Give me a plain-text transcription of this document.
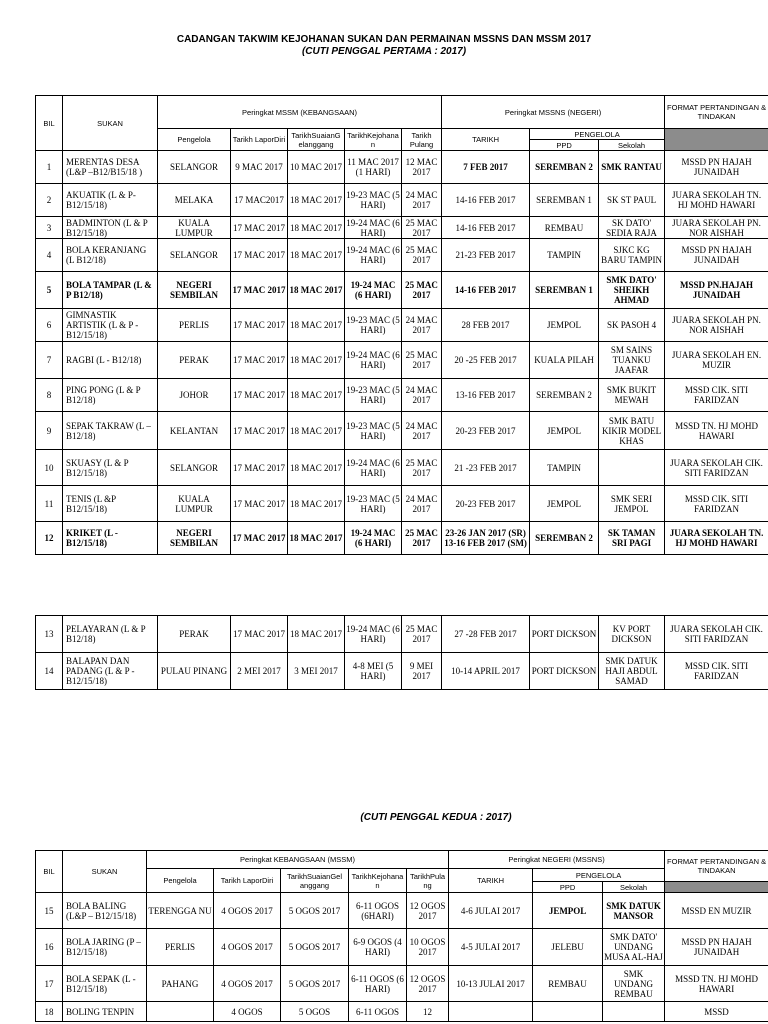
CADANGAN TAKWIM KEJOHANAN SUKAN DAN PERMAINAN MSSNS DAN MSSM 2017
(CUTI PENGGAL PERTAMA : 2017)
BIL	SUKAN	Peringkat MSSM (KEBANGSAAN)					Peringkat MSSNS (NEGERI)			FORMAT PERTANDINGAN & TINDAKAN
		Pengelola	Tarikh LaporDiri	TarikhSuaianG elanggang	TarikhKejohana n	Tarikh Pulang	TARIKH	PENGELOLA		
								PPD	Sekolah	
1	MERENTAS DESA (L&P –B12/B15/18 )	SELANGOR	9 MAC 2017	10 MAC 2017	11 MAC 2017 (1 HARI)	12 MAC 2017	7 FEB 2017	SEREMBAN 2	SMK RANTAU	MSSD PN HAJAH JUNAIDAH
2	AKUATIK (L & P- B12/15/18)	MELAKA	17 MAC2017	18 MAC 2017	19-23 MAC (5 HARI)	24 MAC 2017	14-16 FEB 2017	SEREMBAN 1	SK ST PAUL	JUARA SEKOLAH TN. HJ MOHD HAWARI
3	BADMINTON (L & P B12/15/18)	KUALA LUMPUR	17 MAC 2017	18 MAC 2017	19-24 MAC (6 HARI)	25 MAC 2017	14-16 FEB 2017	REMBAU	SK DATO' SEDIA RAJA	JUARA SEKOLAH PN. NOR AISHAH
4	BOLA KERANJANG (L B12/18)	SELANGOR	17 MAC 2017	18 MAC 2017	19-24 MAC (6 HARI)	25 MAC 2017	21-23 FEB 2017	TAMPIN	SJKC KG BARU TAMPIN	MSSD PN HAJAH JUNAIDAH
5	BOLA TAMPAR (L & P B12/18)	NEGERI SEMBILAN	17 MAC 2017	18 MAC 2017	19-24 MAC (6 HARI)	25 MAC 2017	14-16 FEB 2017	SEREMBAN 1	SMK DATO' SHEIKH AHMAD	MSSD PN.HAJAH JUNAIDAH
6	GIMNASTIK ARTISTIK (L & P - B12/15/18)	PERLIS	17 MAC 2017	18 MAC 2017	19-23 MAC (5 HARI)	24 MAC 2017	28 FEB 2017	JEMPOL	SK PASOH 4	JUARA SEKOLAH PN. NOR AISHAH
7	RAGBI (L - B12/18)	PERAK	17 MAC 2017	18 MAC 2017	19-24 MAC (6 HARI)	25 MAC 2017	20 -25 FEB 2017	KUALA PILAH	SM SAINS TUANKU JAAFAR	JUARA SEKOLAH EN. MUZIR
8	PING PONG (L & P B12/18)	JOHOR	17 MAC 2017	18 MAC 2017	19-23 MAC (5 HARI)	24 MAC 2017	13-16 FEB 2017	SEREMBAN 2	SMK BUKIT MEWAH	MSSD CIK. SITI FARIDZAN
9	SEPAK TAKRAW (L – B12/18)	KELANTAN	17 MAC 2017	18 MAC 2017	19-23 MAC (5 HARI)	24 MAC 2017	20-23 FEB 2017	JEMPOL	SMK BATU KIKIR MODEL KHAS	MSSD TN. HJ MOHD HAWARI
10	SKUASY (L & P B12/15/18)	SELANGOR	17 MAC 2017	18 MAC 2017	19-24 MAC (6 HARI)	25 MAC 2017	21 -23 FEB 2017	TAMPIN		JUARA SEKOLAH CIK. SITI FARIDZAN
11	TENIS (L &P B12/15/18)	KUALA LUMPUR	17 MAC 2017	18 MAC 2017	19-23 MAC (5 HARI)	24 MAC 2017	20-23 FEB 2017	JEMPOL	SMK SERI JEMPOL	MSSD CIK. SITI FARIDZAN
12	KRIKET (L - B12/15/18)	NEGERI SEMBILAN	17 MAC 2017	18 MAC 2017	19-24 MAC (6 HARI)	25 MAC 2017	23-26 JAN 2017 (SR) 13-16 FEB 2017 (SM)	SEREMBAN 2	SK TAMAN SRI PAGI	JUARA SEKOLAH TN. HJ MOHD HAWARI
13	PELAYARAN (L & P B12/18)	PERAK	17 MAC 2017	18 MAC 2017	19-24 MAC (6 HARI)	25 MAC 2017	27 -28 FEB 2017	PORT DICKSON	KV PORT DICKSON	JUARA SEKOLAH CIK. SITI FARIDZAN
14	BALAPAN DAN PADANG (L & P - B12/15/18)	PULAU PINANG	2 MEI 2017	3 MEI 2017	4-8 MEI (5 HARI)	9 MEI 2017	10-14 APRIL 2017	PORT DICKSON	SMK DATUK HAJI ABDUL SAMAD	MSSD CIK. SITI FARIDZAN
(CUTI PENGGAL KEDUA : 2017)
BIL	SUKAN	Peringkat KEBANGSAAN (MSSM)					Peringkat NEGERI (MSSNS)			FORMAT PERTANDINGAN & TINDAKAN
		Pengelola	Tarikh LaporDiri	TarikhSuaianGel anggang	TarikhKejohana n	TarikhPula ng	TARIKH	PENGELOLA		
								PPD	Sekolah	
15	BOLA BALING (L&P – B12/15/18)	TERENGGA NU	4 OGOS 2017	5 OGOS 2017	6-11 OGOS (6HARI)	12 OGOS 2017	4-6 JULAI 2017	JEMPOL	SMK DATUK MANSOR	MSSD EN MUZIR
16	BOLA JARING (P – B12/15/18)	PERLIS	4 OGOS 2017	5 OGOS 2017	6-9 OGOS (4 HARI)	10 OGOS 2017	4-5 JULAI 2017	JELEBU	SMK DATO' UNDANG MUSA AL-HAJ	MSSD PN HAJAH JUNAIDAH
17	BOLA SEPAK (L - B12/15/18)	PAHANG	4 OGOS 2017	5 OGOS 2017	6-11 OGOS (6 HARI)	12 OGOS 2017	10-13 JULAI 2017	REMBAU	SMK UNDANG REMBAU	MSSD TN. HJ MOHD HAWARI
18	BOLING TENPIN		4 OGOS	5 OGOS	6-11 OGOS	12				MSSD
